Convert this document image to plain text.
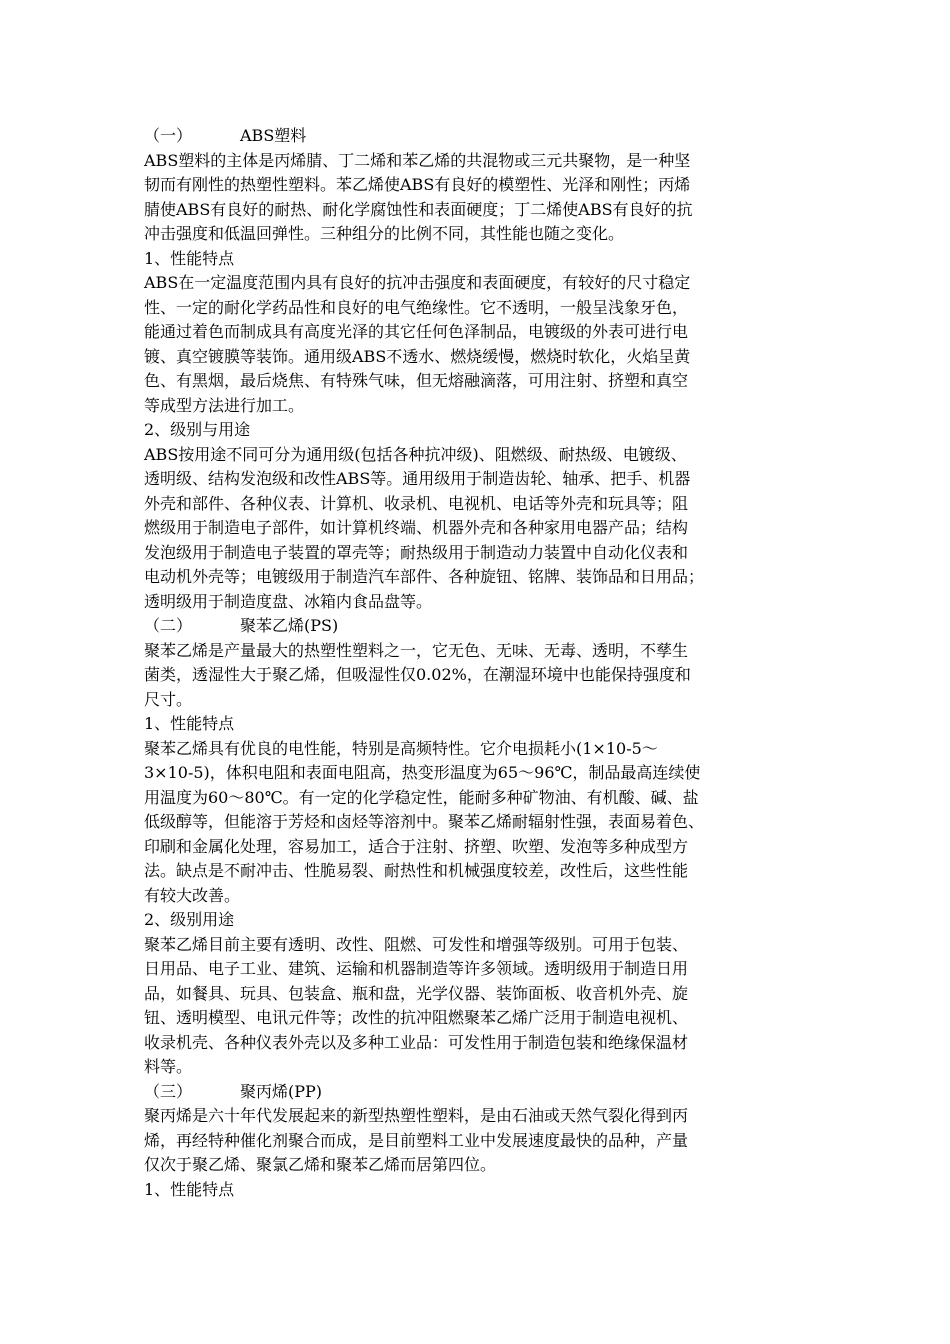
（一）	ABS塑料
ABS塑料的主体是丙烯腈、丁二烯和苯乙烯的共混物或三元共聚物，是一种坚
韧而有刚性的热塑性塑料。苯乙烯使ABS有良好的模塑性、光泽和刚性；丙烯
腈使ABS有良好的耐热、耐化学腐蚀性和表面硬度；丁二烯使ABS有良好的抗
冲击强度和低温回弹性。三种组分的比例不同，其性能也随之变化。
1、性能特点
ABS在一定温度范围内具有良好的抗冲击强度和表面硬度，有较好的尺寸稳定
性、一定的耐化学药品性和良好的电气绝缘性。它不透明，一般呈浅象牙色，
能通过着色而制成具有高度光泽的其它任何色泽制品，电镀级的外表可进行电
镀、真空镀膜等装饰。通用级ABS不透水、燃烧缓慢，燃烧时软化，火焰呈黄
色、有黑烟，最后烧焦、有特殊气味，但无熔融滴落，可用注射、挤塑和真空
等成型方法进行加工。
2、级别与用途
ABS按用途不同可分为通用级(包括各种抗冲级)、阻燃级、耐热级、电镀级、
透明级、结构发泡级和改性ABS等。通用级用于制造齿轮、轴承、把手、机器
外壳和部件、各种仪表、计算机、收录机、电视机、电话等外壳和玩具等；阻
燃级用于制造电子部件，如计算机终端、机器外壳和各种家用电器产品；结构
发泡级用于制造电子装置的罩壳等；耐热级用于制造动力装置中自动化仪表和
电动机外壳等；电镀级用于制造汽车部件、各种旋钮、铭牌、装饰品和日用品；
透明级用于制造度盘、冰箱内食品盘等。
（二）	聚苯乙烯(PS)
聚苯乙烯是产量最大的热塑性塑料之一，它无色、无味、无毒、透明，不孳生
菌类，透湿性大于聚乙烯，但吸湿性仅0.02%，在潮湿环境中也能保持强度和
尺寸。
1、性能特点
聚苯乙烯具有优良的电性能，特别是高频特性。它介电损耗小(1×10-5～
3×10-5)，体积电阻和表面电阻高，热变形温度为65～96℃，制品最高连续使
用温度为60～80℃。有一定的化学稳定性，能耐多种矿物油、有机酸、碱、盐
低级醇等，但能溶于芳烃和卤烃等溶剂中。聚苯乙烯耐辐射性强，表面易着色、
印刷和金属化处理，容易加工，适合于注射、挤塑、吹塑、发泡等多种成型方
法。缺点是不耐冲击、性脆易裂、耐热性和机械强度较差，改性后，这些性能
有较大改善。
2、级别用途
聚苯乙烯目前主要有透明、改性、阻燃、可发性和增强等级别。可用于包装、
日用品、电子工业、建筑、运输和机器制造等许多领域。透明级用于制造日用
品，如餐具、玩具、包装盒、瓶和盘，光学仪器、装饰面板、收音机外壳、旋
钮、透明模型、电讯元件等；改性的抗冲阻燃聚苯乙烯广泛用于制造电视机、
收录机壳、各种仪表外壳以及多种工业品：可发性用于制造包装和绝缘保温材
料等。
（三）	聚丙烯(PP)
聚丙烯是六十年代发展起来的新型热塑性塑料，是由石油或天然气裂化得到丙
烯，再经特种催化剂聚合而成，是目前塑料工业中发展速度最快的品种，产量
仅次于聚乙烯、聚氯乙烯和聚苯乙烯而居第四位。
1、性能特点
